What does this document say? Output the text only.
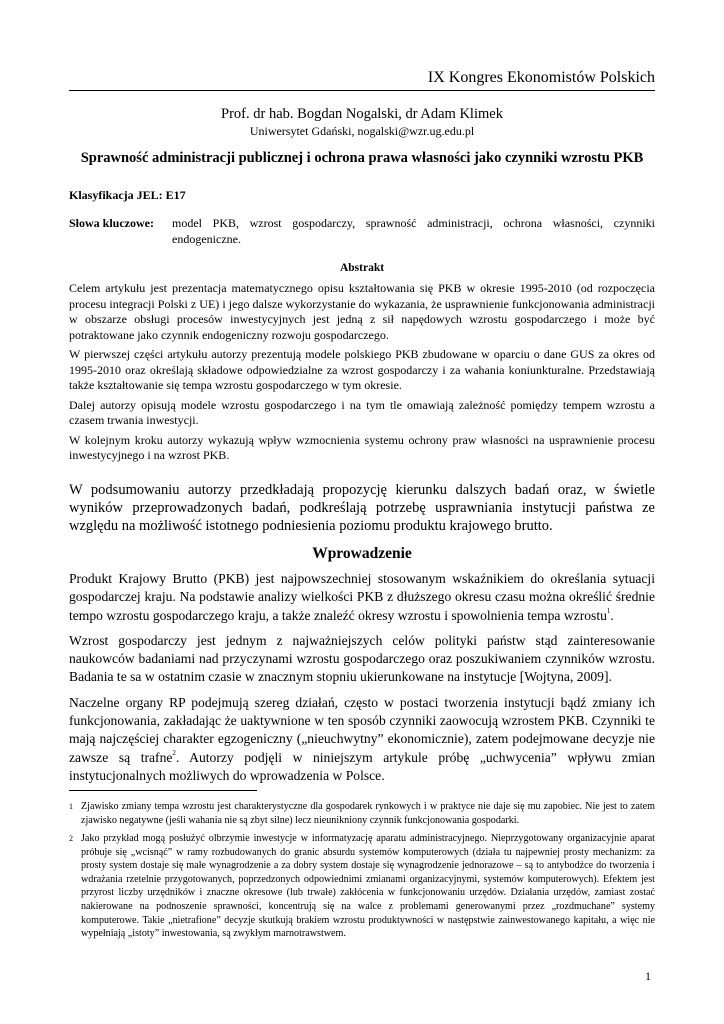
IX Kongres Ekonomistów Polskich
Prof. dr hab. Bogdan Nogalski, dr Adam Klimek
Uniwersytet Gdański, nogalski@wzr.ug.edu.pl
Sprawność administracji publicznej i ochrona prawa własności jako czynniki wzrostu PKB
Klasyfikacja JEL: E17
Słowa kluczowe:	model PKB, wzrost gospodarczy, sprawność administracji, ochrona własności, czynniki
endogeniczne.
Abstrakt

Celem artykułu jest prezentacja matematycznego opisu kształtowania się PKB w okresie 1995-2010 (od rozpoczęcia procesu integracji Polski z UE) i jego dalsze wykorzystanie do wykazania, że usprawnienie funkcjonowania administracji w obszarze obsługi procesów inwestycyjnych jest jedną z sił napędowych wzrostu gospodarczego i może być potraktowane jako czynnik endogeniczny rozwoju gospodarczego.

W pierwszej części artykułu autorzy prezentują modele polskiego PKB zbudowane w oparciu o dane GUS za okres od 1995-2010 oraz określają składowe odpowiedzialne za wzrost gospodarczy i za wahania koniunkturalne. Przedstawiają także kształtowanie się tempa wzrostu gospodarczego w tym okresie.

Dalej autorzy opisują modele wzrostu gospodarczego i na tym tle omawiają zależność pomiędzy tempem wzrostu a czasem trwania inwestycji.

W kolejnym kroku autorzy wykazują wpływ wzmocnienia systemu ochrony praw własności na usprawnienie procesu inwestycyjnego i na wzrost PKB.

W podsumowaniu autorzy przedkładają propozycję kierunku dalszych badań oraz, w świetle wyników przeprowadzonych badań, podkreślają potrzebę usprawniania instytucji państwa ze względu na możliwość istotnego podniesienia poziomu produktu krajowego brutto.

Wprowadzenie

Produkt Krajowy Brutto (PKB) jest najpowszechniej stosowanym wskaźnikiem do określania sytuacji gospodarczej kraju. Na podstawie analizy wielkości PKB z dłuższego okresu czasu można określić średnie tempo wzrostu gospodarczego kraju, a także znaleźć okresy wzrostu i spowolnienia tempa wzrostu$^1$.

Wzrost gospodarczy jest jednym z najważniejszych celów polityki państw stąd zainteresowanie naukowców badaniami nad przyczynami wzrostu gospodarczego oraz poszukiwaniem czynników wzrostu. Badania te sa w ostatnim czasie w znacznym stopniu ukierunkowane na instytucje [Wojtyna, 2009].

Naczelne organy RP podejmują szereg działań, często w postaci tworzenia instytucji bądź zmiany ich funkcjonowania, zakładając że uaktywnione w ten sposób czynniki zaowocują wzrostem PKB. Czynniki te mają najczęściej charakter egzogeniczny („nieuchwytny” ekonomicznie), zatem podejmowane decyzje nie zawsze są trafne$^2$. Autorzy podjęli w niniejszym artykule próbę „uchwycenia” wpływu zmian instytucjonalnych możliwych do wprowadzenia w Polsce.

1 Zjawisko zmiany tempa wzrostu jest charakterystyczne dla gospodarek rynkowych i w praktyce nie daje się mu zapobiec. Nie jest to zatem zjawisko negatywne (jeśli wahania nie są zbyt silne) lecz nieunikniony czynnik funkcjonowania gospodarki.
2 Jako przykład mogą posłużyć olbrzymie inwestycje w informatyzację aparatu administracyjnego. Nieprzygotowany organizacyjnie aparat próbuje się „wcisnąć” w ramy rozbudowanych do granic absurdu systemów komputerowych (działa tu najpewniej prosty mechanizm: za prosty system dostaje się małe wynagrodzenie a za dobry system dostaje się wynagrodzenie jednorazowe – są to antybodźce do tworzenia i wdrażania rzetelnie przygotowanych, poprzedzonych odpowiednimi zmianami organizacyjnymi, systemów komputerowych). Efektem jest przyrost liczby urzędników i znaczne okresowe (lub trwałe) zakłócenia w funkcjonowaniu urzędów. Działania urzędów, zamiast zostać nakierowane na podnoszenie sprawności, koncentrują się na walce z problemami generowanymi przez „rozdmuchane” systemy komputerowe. Takie „nietrafione” decyzje skutkują brakiem wzrostu produktywności w następstwie zainwestowanego kapitału, a więc nie wypełniają „istoty” inwestowania, są zwykłym marnotrawstwem.
1
